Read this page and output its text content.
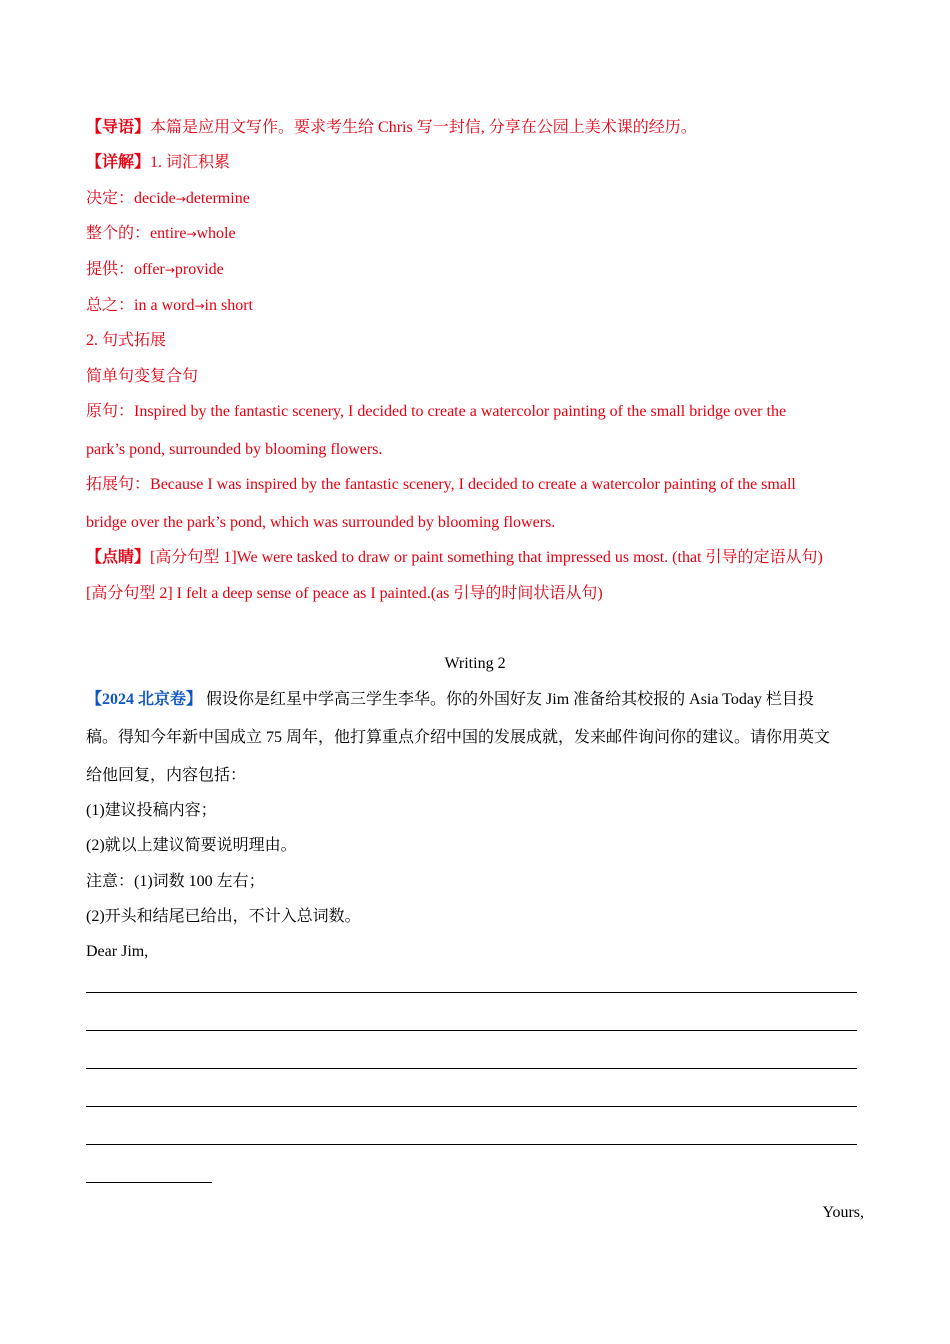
【导语】本篇是应用文写作。要求考生给 Chris 写一封信, 分享在公园上美术课的经历。
【详解】1. 词汇积累
决定：decide→determine
整个的：entire→whole
提供：offer→provide
总之：in a word→in short
2. 句式拓展
简单句变复合句
原句：Inspired by the fantastic scenery, I decided to create a watercolor painting of the small bridge over the
park’s pond, surrounded by blooming flowers.
拓展句：Because I was inspired by the fantastic scenery, I decided to create a watercolor painting of the small
bridge over the park’s pond, which was surrounded by blooming flowers.
【点睛】[高分句型 1]We were tasked to draw or paint something that impressed us most. (that 引导的定语从句)
[高分句型 2] I felt a deep sense of peace as I painted.(as 引导的时间状语从句)
Writing 2
【2024 北京卷】 假设你是红星中学高三学生李华。你的外国好友 Jim 准备给其校报的 Asia Today 栏目投
稿。得知今年新中国成立 75 周年，他打算重点介绍中国的发展成就，发来邮件询问你的建议。请你用英文
给他回复，内容包括：
(1)建议投稿内容；
(2)就以上建议简要说明理由。
注意：(1)词数 100 左右；
(2)开头和结尾已给出，不计入总词数。
Dear Jim,
Yours,
